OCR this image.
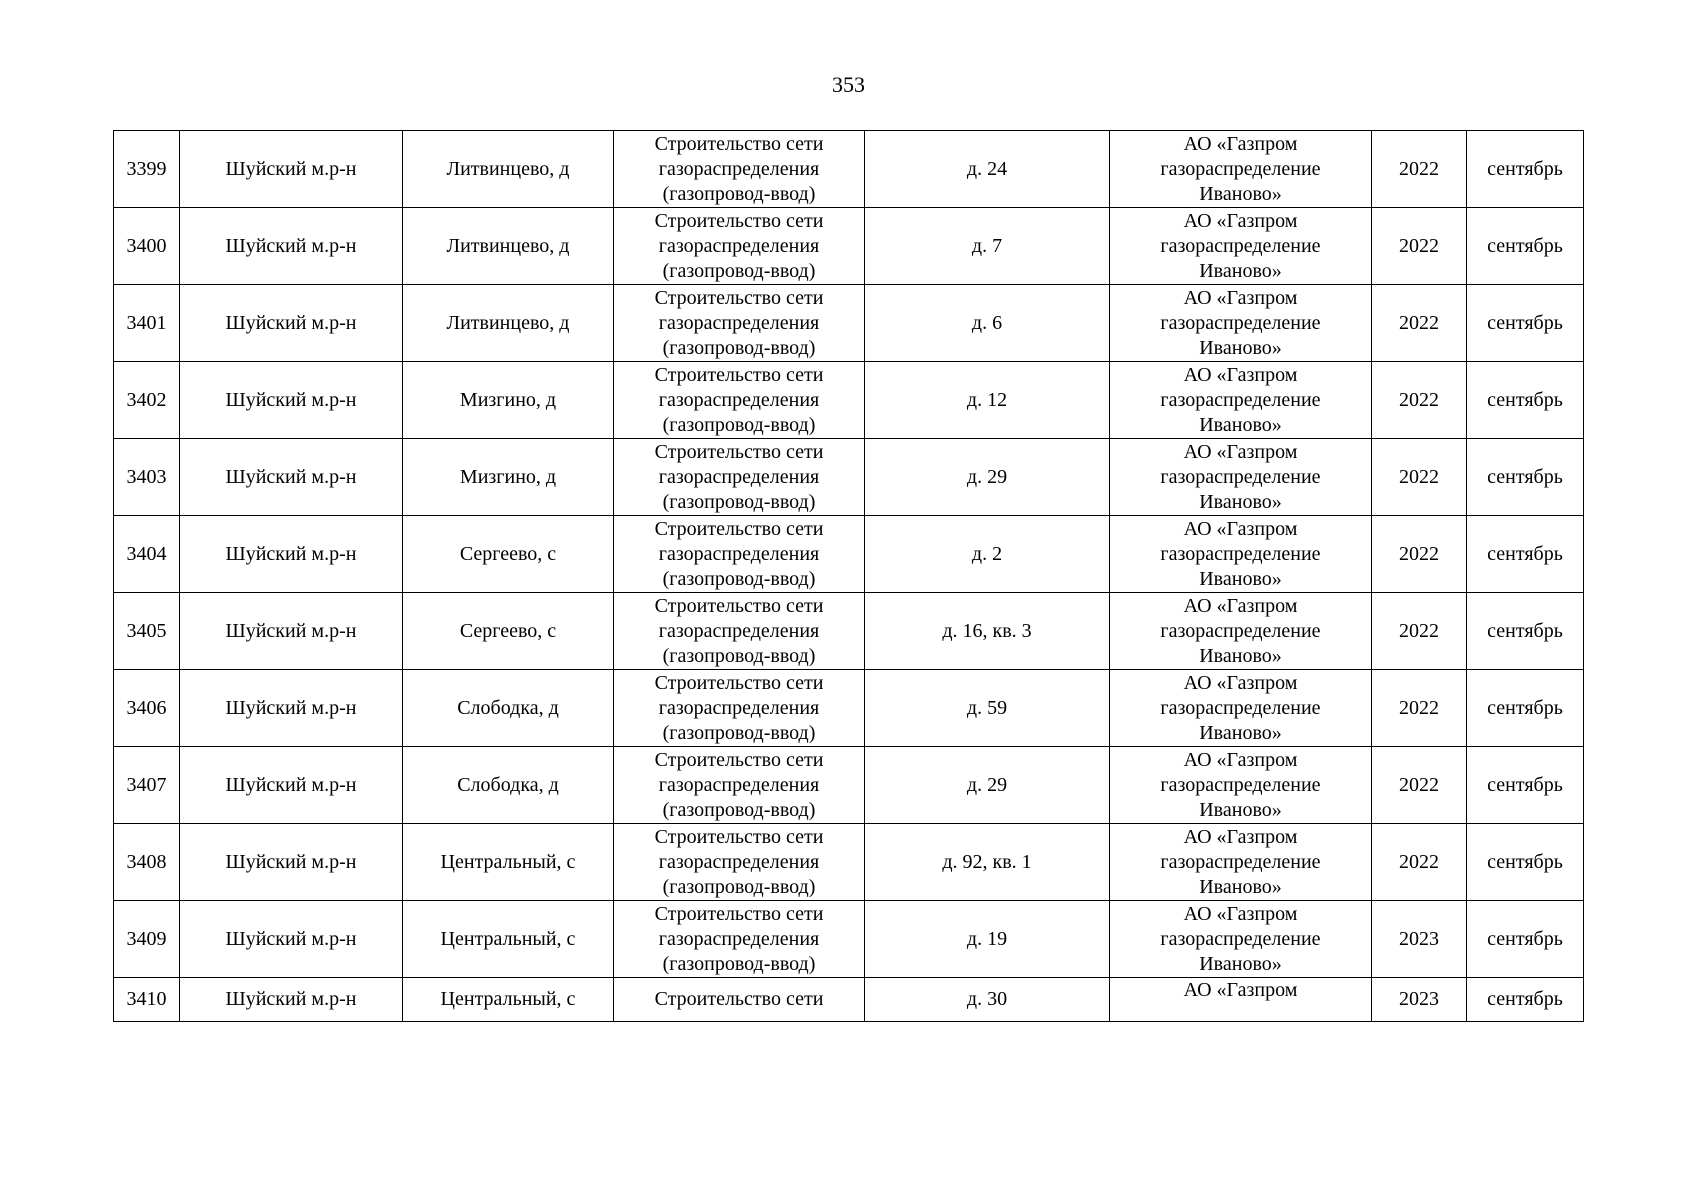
353
3399	Шуйский м.р-н	Литвинцево, д	Строительство сети
газораспределения
(газопровод-ввод)	д. 24	АО «Газпром
газораспределение
Иваново»	2022	сентябрь
3400	Шуйский м.р-н	Литвинцево, д	Строительство сети
газораспределения
(газопровод-ввод)	д. 7	АО «Газпром
газораспределение
Иваново»	2022	сентябрь
3401	Шуйский м.р-н	Литвинцево, д	Строительство сети
газораспределения
(газопровод-ввод)	д. 6	АО «Газпром
газораспределение
Иваново»	2022	сентябрь
3402	Шуйский м.р-н	Мизгино, д	Строительство сети
газораспределения
(газопровод-ввод)	д. 12	АО «Газпром
газораспределение
Иваново»	2022	сентябрь
3403	Шуйский м.р-н	Мизгино, д	Строительство сети
газораспределения
(газопровод-ввод)	д. 29	АО «Газпром
газораспределение
Иваново»	2022	сентябрь
3404	Шуйский м.р-н	Сергеево, с	Строительство сети
газораспределения
(газопровод-ввод)	д. 2	АО «Газпром
газораспределение
Иваново»	2022	сентябрь
3405	Шуйский м.р-н	Сергеево, с	Строительство сети
газораспределения
(газопровод-ввод)	д. 16, кв. 3	АО «Газпром
газораспределение
Иваново»	2022	сентябрь
3406	Шуйский м.р-н	Слободка, д	Строительство сети
газораспределения
(газопровод-ввод)	д. 59	АО «Газпром
газораспределение
Иваново»	2022	сентябрь
3407	Шуйский м.р-н	Слободка, д	Строительство сети
газораспределения
(газопровод-ввод)	д. 29	АО «Газпром
газораспределение
Иваново»	2022	сентябрь
3408	Шуйский м.р-н	Центральный, с	Строительство сети
газораспределения
(газопровод-ввод)	д. 92, кв. 1	АО «Газпром
газораспределение
Иваново»	2022	сентябрь
3409	Шуйский м.р-н	Центральный, с	Строительство сети
газораспределения
(газопровод-ввод)	д. 19	АО «Газпром
газораспределение
Иваново»	2023	сентябрь
3410	Шуйский м.р-н	Центральный, с	Строительство сети	д. 30	АО «Газпром	2023	сентябрь
